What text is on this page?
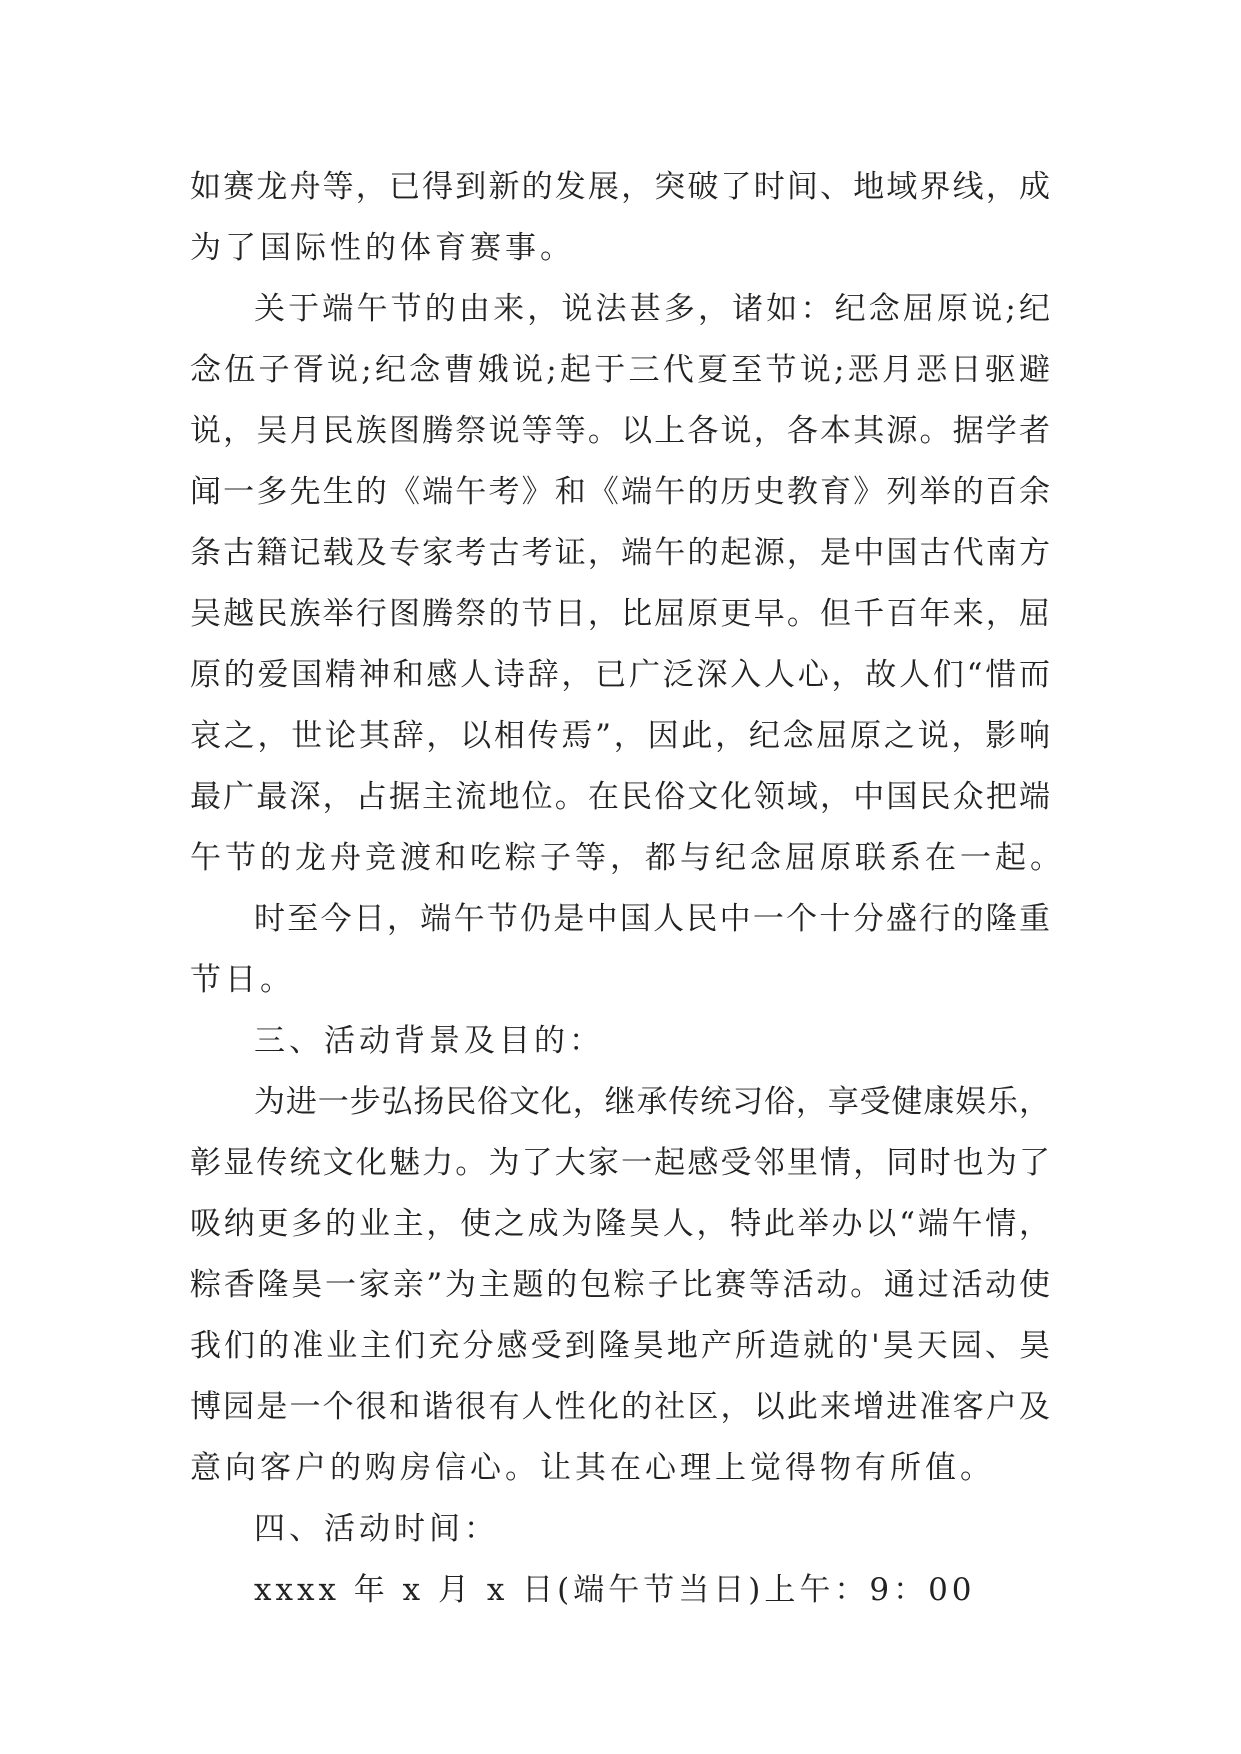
如赛龙舟等，已得到新的发展，突破了时间、地域界线，成
为了国际性的体育赛事。
关于端午节的由来，说法甚多，诸如：纪念屈原说;纪
念伍子胥说;纪念曹娥说;起于三代夏至节说;恶月恶日驱避
说，吴月民族图腾祭说等等。以上各说，各本其源。据学者
闻一多先生的《端午考》和《端午的历史教育》列举的百余
条古籍记载及专家考古考证，端午的起源，是中国古代南方
吴越民族举行图腾祭的节日，比屈原更早。但千百年来，屈
原的爱国精神和感人诗辞，已广泛深入人心，故人们“惜而
哀之，世论其辞，以相传焉”，因此，纪念屈原之说，影响
最广最深，占据主流地位。在民俗文化领域，中国民众把端
午节的龙舟竞渡和吃粽子等，都与纪念屈原联系在一起。
时至今日，端午节仍是中国人民中一个十分盛行的隆重
节日。
三、活动背景及目的：
为进一步弘扬民俗文化，继承传统习俗，享受健康娱乐，
彰显传统文化魅力。为了大家一起感受邻里情，同时也为了
吸纳更多的业主，使之成为隆昊人，特此举办以“端午情，
粽香隆昊一家亲”为主题的包粽子比赛等活动。通过活动使
我们的准业主们充分感受到隆昊地产所造就的'昊天园、昊
博园是一个很和谐很有人性化的社区，以此来增进准客户及
意向客户的购房信心。让其在心理上觉得物有所值。
四、活动时间：
xxxx 年 x 月 x 日(端午节当日)上午：9：00
